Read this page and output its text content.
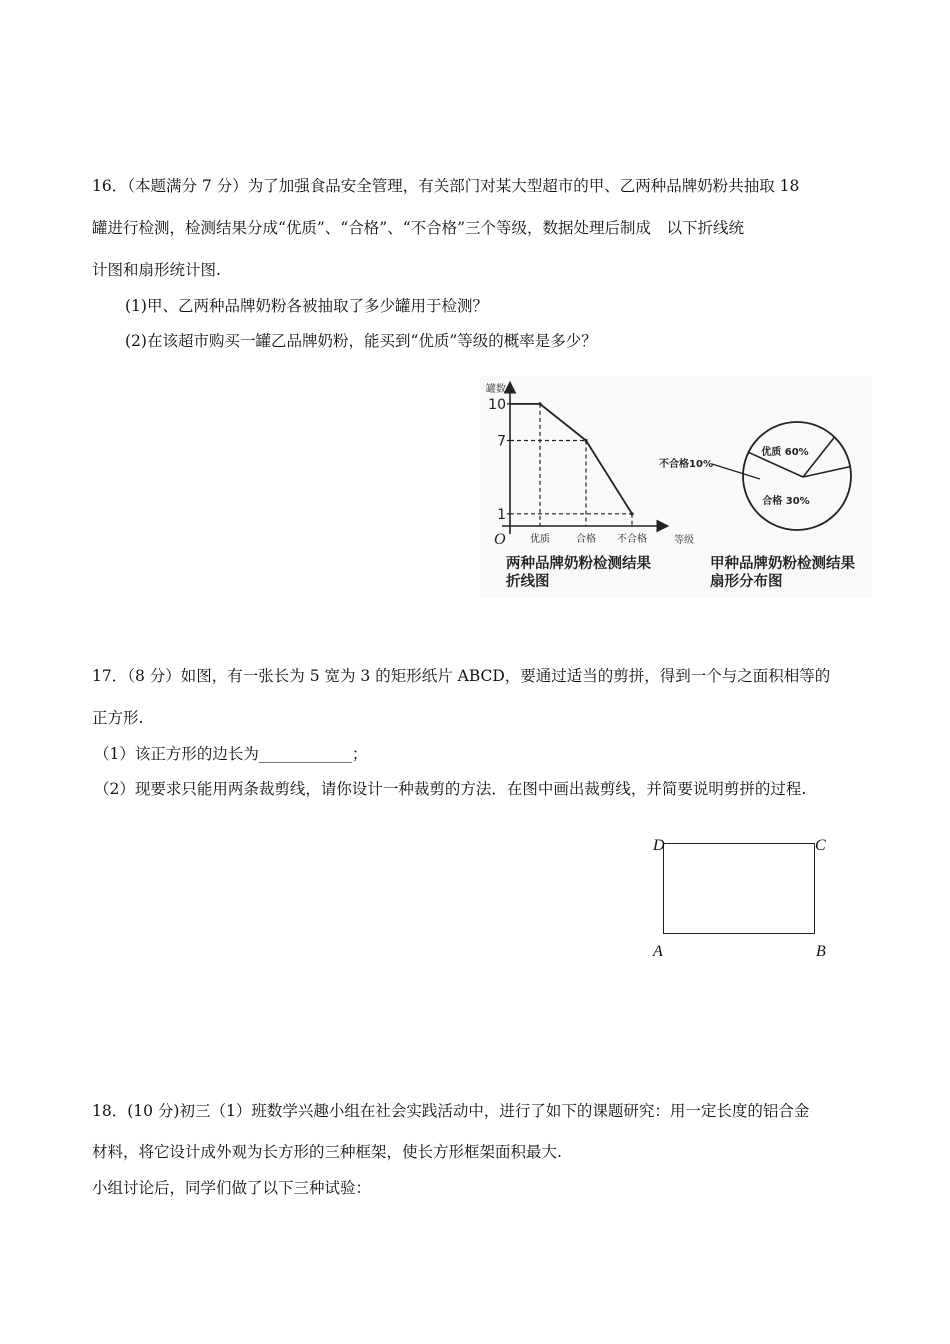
16．（本题满分 7 分）为了加强食品安全管理，有关部门对某大型超市的甲、乙两种品牌奶粉共抽取 18
罐进行检测，检测结果分成“优质”、“合格”、“不合格”三个等级，数据处理后制成　以下折线统
计图和扇形统计图.
(1)甲、乙两种品牌奶粉各被抽取了多少罐用于检测？
(2)在该超市购买一罐乙品牌奶粉，能买到“优质”等级的概率是多少？
罐数
等级
O
10
7
1
优质	合格 不合格
优质 60%
合格 30%
不合格10%
两种品牌奶粉检测结果
折线图
甲种品牌奶粉检测结果
扇形分布图
17．（8 分）如图，有一张长为 5 宽为 3 的矩形纸片 ABCD，要通过适当的剪拼，得到一个与之面积相等的
正方形.
（1）该正方形的边长为____________；
（2）现要求只能用两条裁剪线，请你设计一种裁剪的方法．在图中画出裁剪线，并简要说明剪拼的过程.
D	C
A	B
18．(10 分)初三（1）班数学兴趣小组在社会实践活动中，进行了如下的课题研究：用一定长度的铝合金
材料，将它设计成外观为长方形的三种框架，使长方形框架面积最大.
小组讨论后，同学们做了以下三种试验：
